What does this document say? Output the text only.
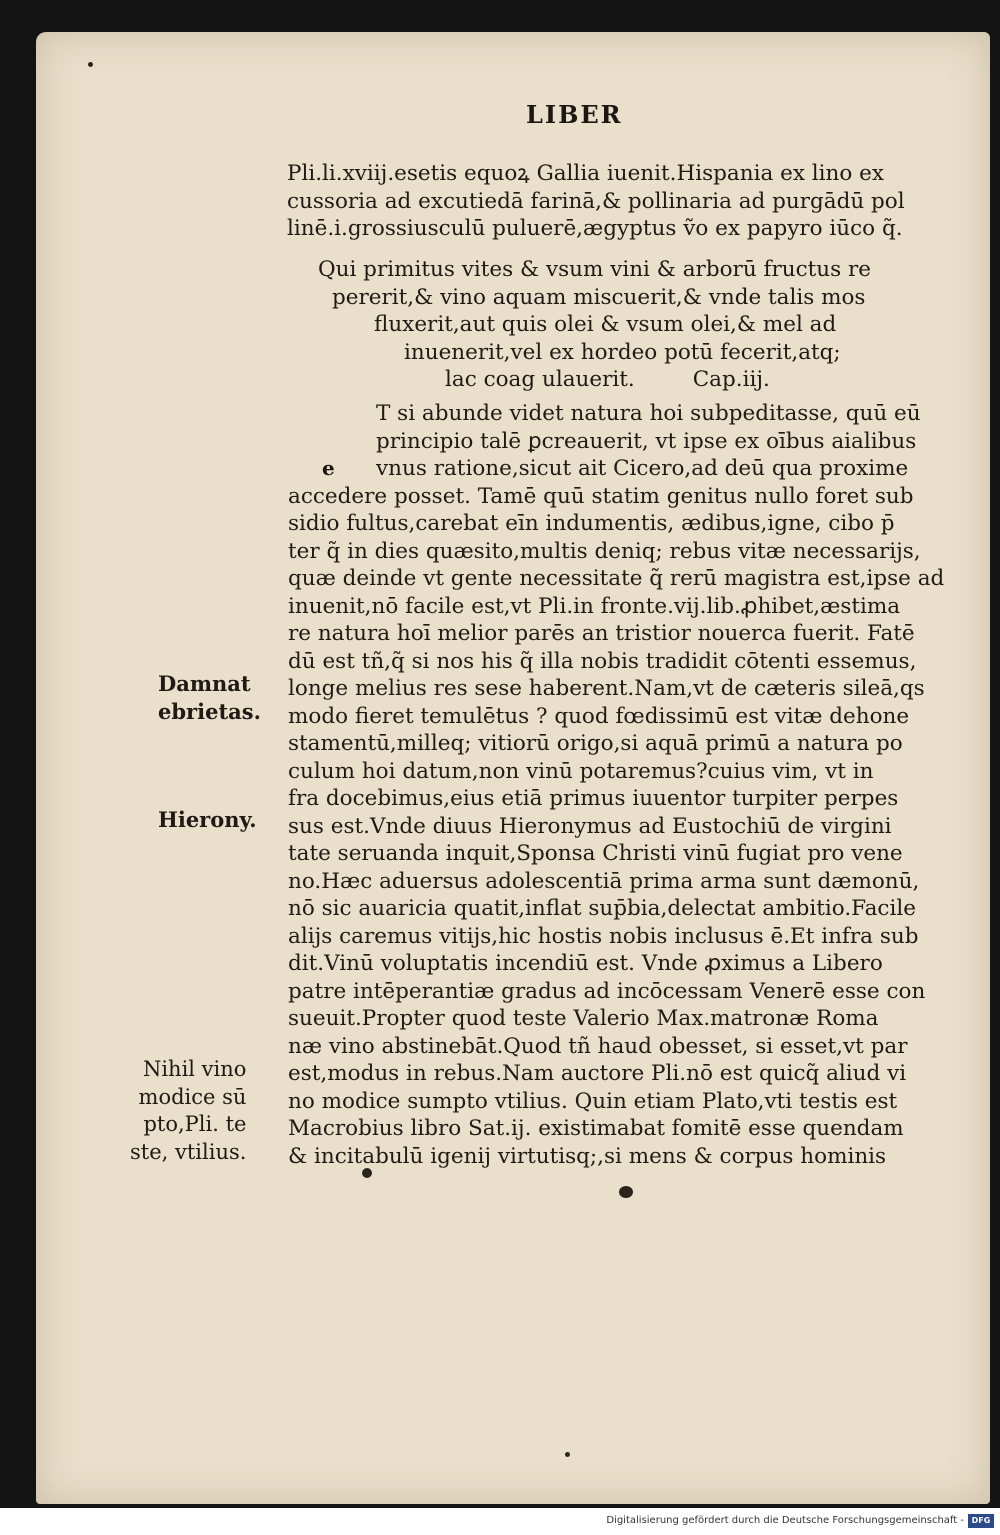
LIBER
Pli.li.xviij.esetis equoꝝ Gallia iuenit.Hispania ex lino ex
cussoria ad excutiedā farinā,& pollinaria ad purgādū pol
linē.i.grossiusculū puluerē,ægyptus ṽo ex papyro iūco q̃.
Qui primitus vites & vsum vini & arborū fructus re
pererit,& vino aquam miscuerit,& vnde talis mos
fluxerit,aut quis olei & vsum olei,& mel ad
inuenerit,vel ex hordeo potū fecerit,atq;
lac coag ulauerit.	Cap.iij.
e
T si abunde videt natura hoi subpeditasse, quū eū
principio talē ꝑcreauerit, vt ipse ex oībus aialibus
vnus ratione,sicut ait Cicero,ad deū qua proxime
accedere posset. Tamē quū statim genitus nullo foret sub
sidio fultus,carebat eīn indumentis, ædibus,igne, cibo p̄
ter q̃ in dies quæsito,multis deniq; rebus vitæ necessarijs,
quæ deinde vt gente necessitate q̃ rerū magistra est,ipse ad
inuenit,nō facile est,vt Pli.in fronte.vij.lib.ꝓhibet,æstima
re natura hoī melior parēs an tristior nouerca fuerit. Fatē
dū est tñ,q̃ si nos his q̃ illa nobis tradidit cōtenti essemus,
longe melius res sese haberent.Nam,vt de cæteris sileā,qs
modo fieret temulētus ? quod fœdissimū est vitæ dehone
stamentū,milleq; vitiorū origo,si aquā primū a natura po
culum hoi datum,non vinū potaremus?cuius vim, vt in
fra docebimus,eius etiā primus iuuentor turpiter perpes
sus est.Vnde diuus Hieronymus ad Eustochiū de virgini
tate seruanda inquit,Sponsa Christi vinū fugiat pro vene
no.Hæc aduersus adolescentiā prima arma sunt dæmonū,
nō sic auaricia quatit,inflat sup̄bia,delectat ambitio.Facile
alijs caremus vitijs,hic hostis nobis inclusus ē.Et infra sub
dit.Vinū voluptatis incendiū est. Vnde ꝓximus a Libero
patre intēperantiæ gradus ad incōcessam Venerē esse con
sueuit.Propter quod teste Valerio Max.matronæ Roma
næ vino abstinebāt.Quod tñ haud obesset, si esset,vt par
est,modus in rebus.Nam auctore Pli.nō est quicq̃ aliud vi
no modice sumpto vtilius. Quin etiam Plato,vti testis est
Macrobius libro Sat.ij. existimabat fomitē esse quendam
& incitabulū igenij virtutisq;,si mens & corpus hominis
Damnat
ebrietas.
Hierony.
Nihil vino
modice sū
pto,Pli. te
ste, vtilius.
Digitalisierung gefördert durch die Deutsche Forschungsgemeinschaft - DFG
